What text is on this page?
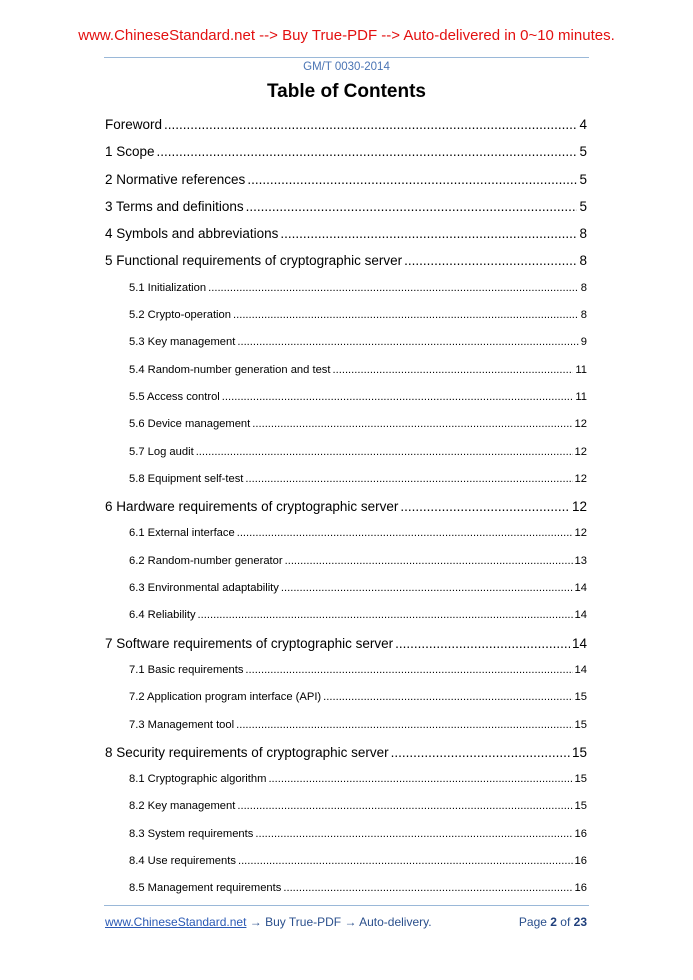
GM/T 0030-2014
www.ChineseStandard.net --> Buy True-PDF --> Auto-delivered in 0~10 minutes.
Table of Contents
Foreword .....	4
1 Scope .....	5
2 Normative references .....	5
3 Terms and definitions .....	5
4 Symbols and abbreviations .....	8
5 Functional requirements of cryptographic server .....	8
5.1 Initialization .....	8
5.2 Crypto-operation .....	8
5.3 Key management .....	9
5.4 Random-number generation and test .....	11
5.5 Access control .....	11
5.6 Device management .....	12
5.7 Log audit .....	12
5.8 Equipment self-test .....	12
6 Hardware requirements of cryptographic server .....	12
6.1 External interface .....	12
6.2 Random-number generator .....	13
6.3 Environmental adaptability .....	14
6.4 Reliability .....	14
7 Software requirements of cryptographic server .....	14
7.1 Basic requirements .....	14
7.2 Application program interface (API) .....	15
7.3 Management tool .....	15
8 Security requirements of cryptographic server .....	15
8.1 Cryptographic algorithm .....	15
8.2 Key management .....	15
8.3 System requirements .....	16
8.4 Use requirements .....	16
8.5 Management requirements .....	16
www.ChineseStandard.net → Buy True-PDF → Auto-delivery.	Page 2 of 23
